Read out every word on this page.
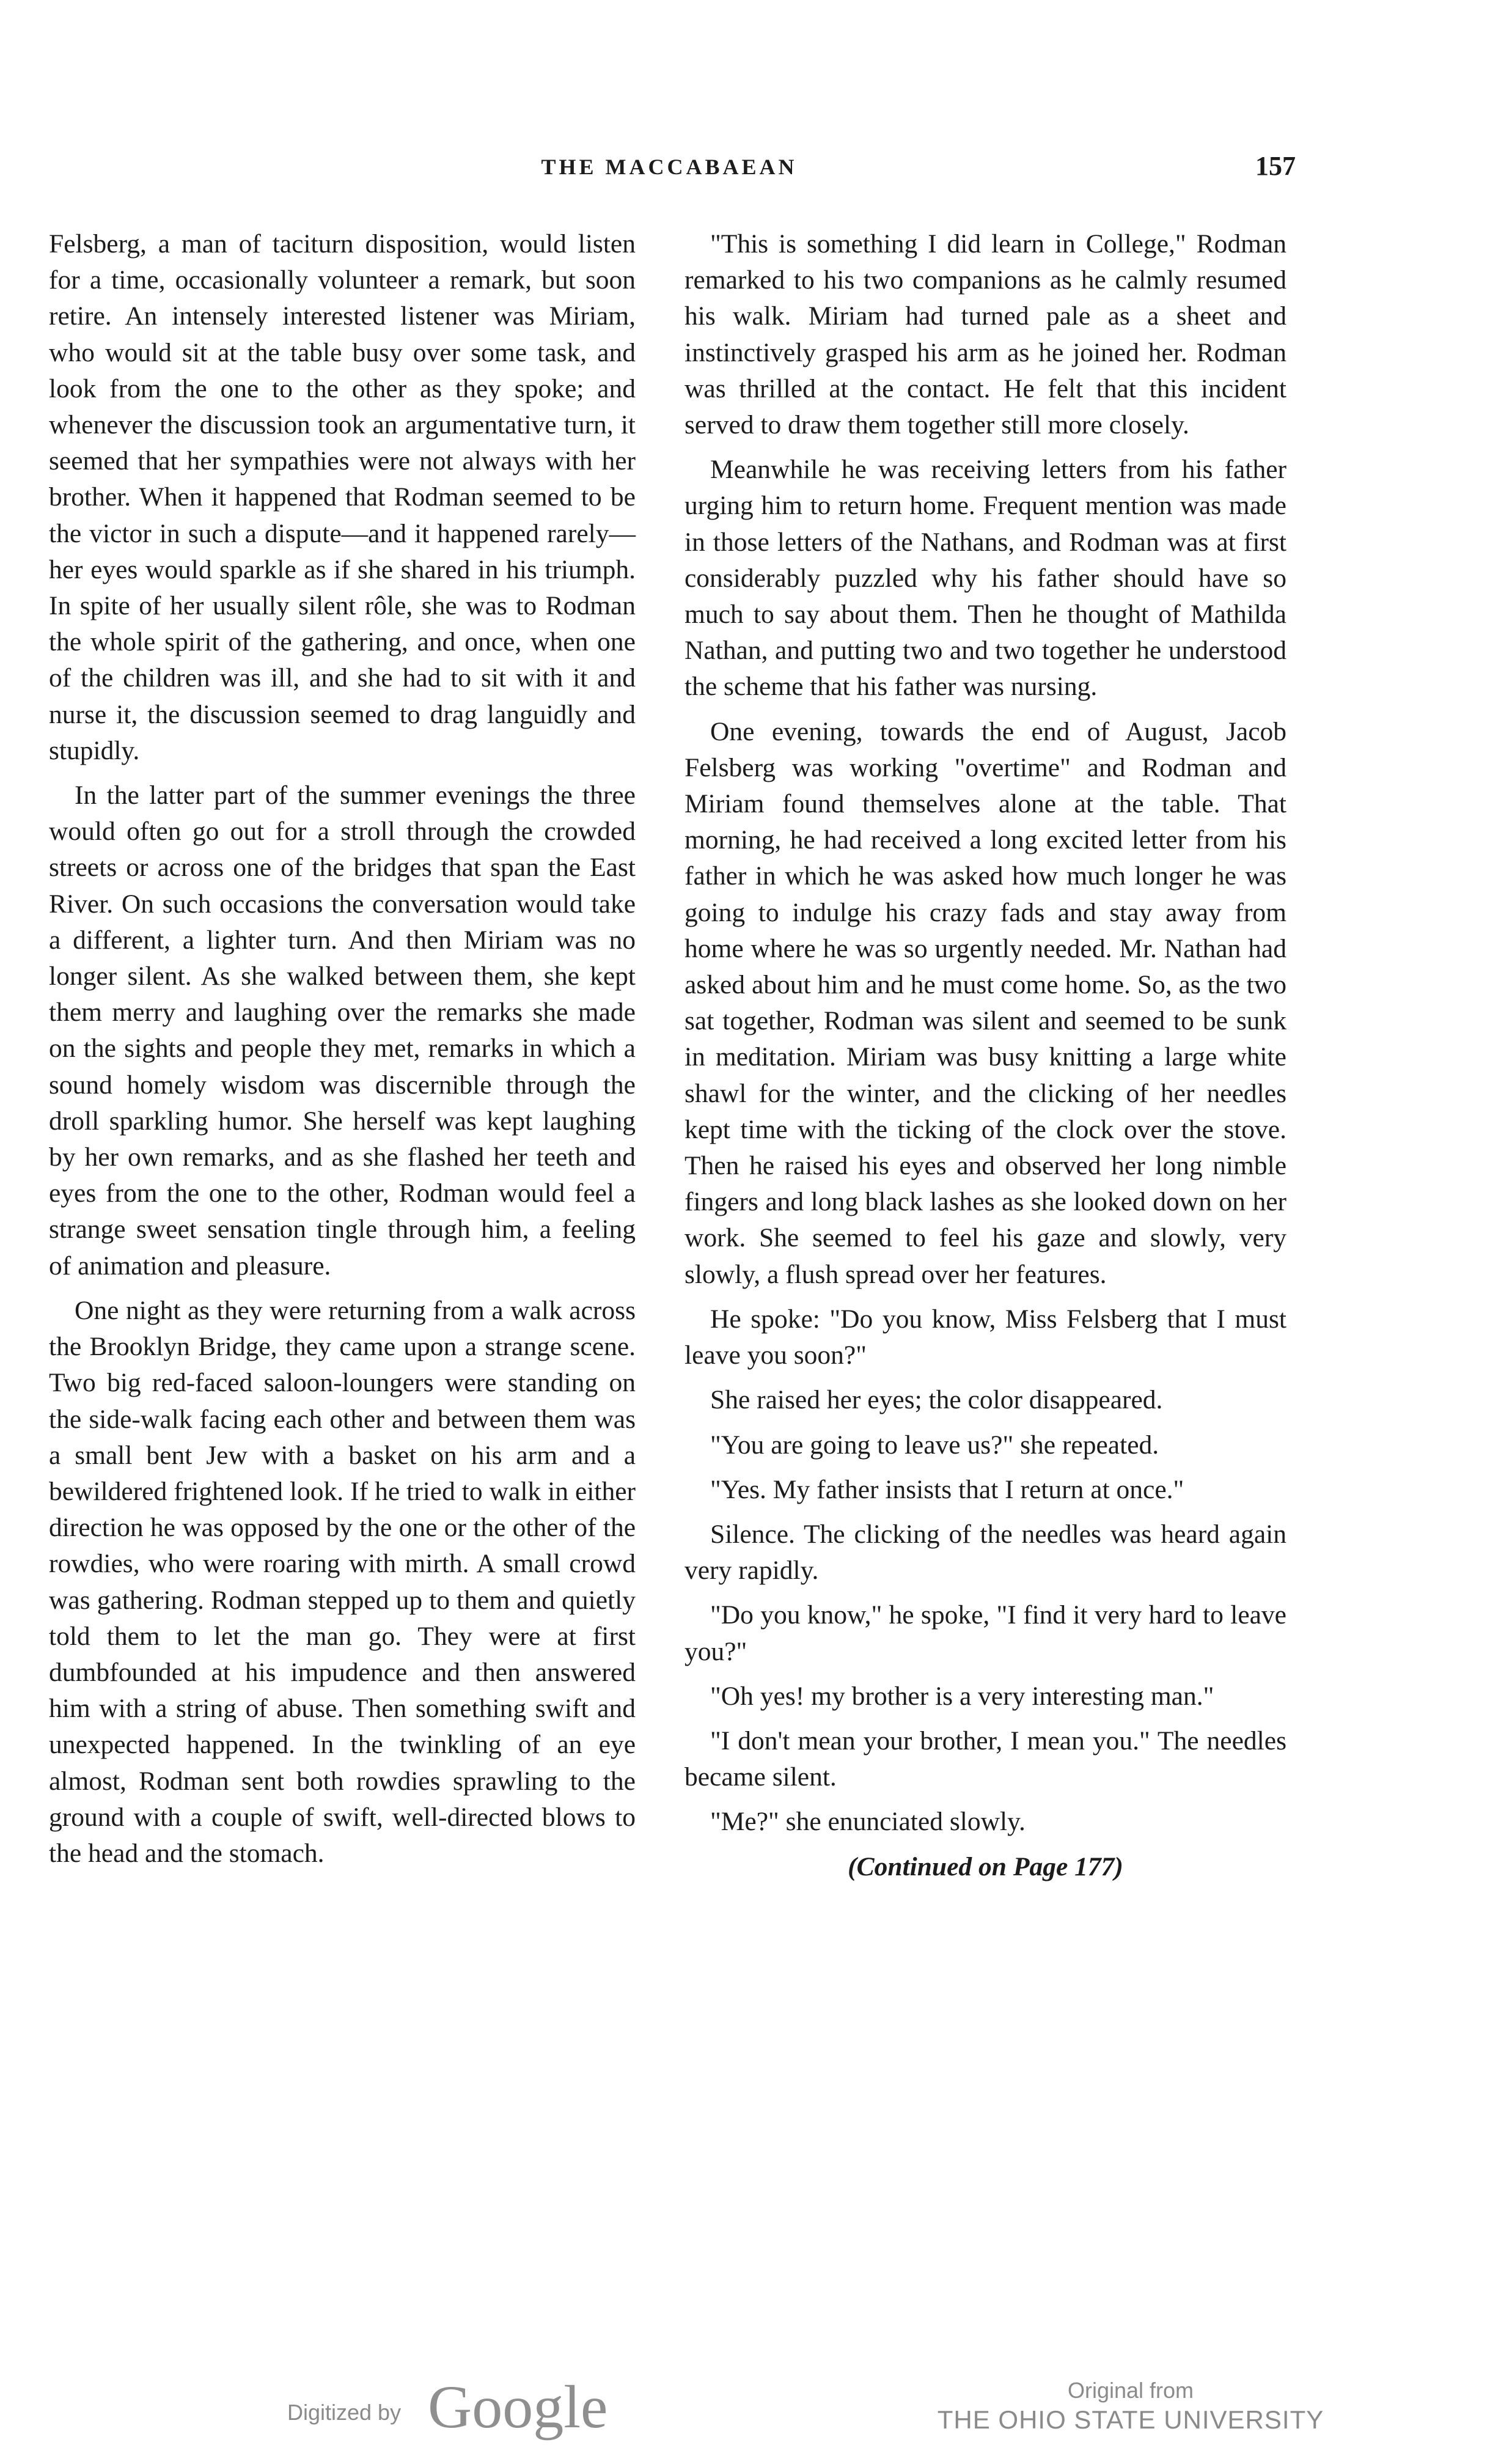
THE MACCABAEAN	157

Felsberg, a man of taciturn disposition, would listen for a time, occasionally volunteer a remark, but soon retire. An intensely interested listener was Miriam, who would sit at the table busy over some task, and look from the one to the other as they spoke; and whenever the discussion took an argumentative turn, it seemed that her sympathies were not always with her brother. When it happened that Rodman seemed to be the victor in such a dispute—and it happened rarely—her eyes would sparkle as if she shared in his triumph. In spite of her usually silent rôle, she was to Rodman the whole spirit of the gathering, and once, when one of the children was ill, and she had to sit with it and nurse it, the discussion seemed to drag languidly and stupidly.

In the latter part of the summer evenings the three would often go out for a stroll through the crowded streets or across one of the bridges that span the East River. On such occasions the conversation would take a different, a lighter turn. And then Miriam was no longer silent. As she walked between them, she kept them merry and laughing over the remarks she made on the sights and people they met, remarks in which a sound homely wisdom was discernible through the droll sparkling humor. She herself was kept laughing by her own remarks, and as she flashed her teeth and eyes from the one to the other, Rodman would feel a strange sweet sensation tingle through him, a feeling of animation and pleasure.

One night as they were returning from a walk across the Brooklyn Bridge, they came upon a strange scene. Two big red-faced saloon-loungers were standing on the side-walk facing each other and between them was a small bent Jew with a basket on his arm and a bewildered frightened look. If he tried to walk in either direction he was opposed by the one or the other of the rowdies, who were roaring with mirth. A small crowd was gathering. Rodman stepped up to them and quietly told them to let the man go. They were at first dumbfounded at his impudence and then answered him with a string of abuse. Then something swift and unexpected happened. In the twinkling of an eye almost, Rodman sent both rowdies sprawling to the ground with a couple of swift, well-directed blows to the head and the stomach.

"This is something I did learn in College," Rodman remarked to his two companions as he calmly resumed his walk. Miriam had turned pale as a sheet and instinctively grasped his arm as he joined her. Rodman was thrilled at the contact. He felt that this incident served to draw them together still more closely.

Meanwhile he was receiving letters from his father urging him to return home. Frequent mention was made in those letters of the Nathans, and Rodman was at first considerably puzzled why his father should have so much to say about them. Then he thought of Mathilda Nathan, and putting two and two together he understood the scheme that his father was nursing.

One evening, towards the end of August, Jacob Felsberg was working "overtime" and Rodman and Miriam found themselves alone at the table. That morning, he had received a long excited letter from his father in which he was asked how much longer he was going to indulge his crazy fads and stay away from home where he was so urgently needed. Mr. Nathan had asked about him and he must come home. So, as the two sat together, Rodman was silent and seemed to be sunk in meditation. Miriam was busy knitting a large white shawl for the winter, and the clicking of her needles kept time with the ticking of the clock over the stove. Then he raised his eyes and observed her long nimble fingers and long black lashes as she looked down on her work. She seemed to feel his gaze and slowly, very slowly, a flush spread over her features.

He spoke: "Do you know, Miss Felsberg that I must leave you soon?"

She raised her eyes; the color disappeared.

"You are going to leave us?" she repeated.

"Yes. My father insists that I return at once."

Silence. The clicking of the needles was heard again very rapidly.

"Do you know," he spoke, "I find it very hard to leave you?"

"Oh yes! my brother is a very interesting man."

"I don't mean your brother, I mean you." The needles became silent.

"Me?" she enunciated slowly.

(Continued on Page 177)
Digitized by Google	Original from
THE OHIO STATE UNIVERSITY
